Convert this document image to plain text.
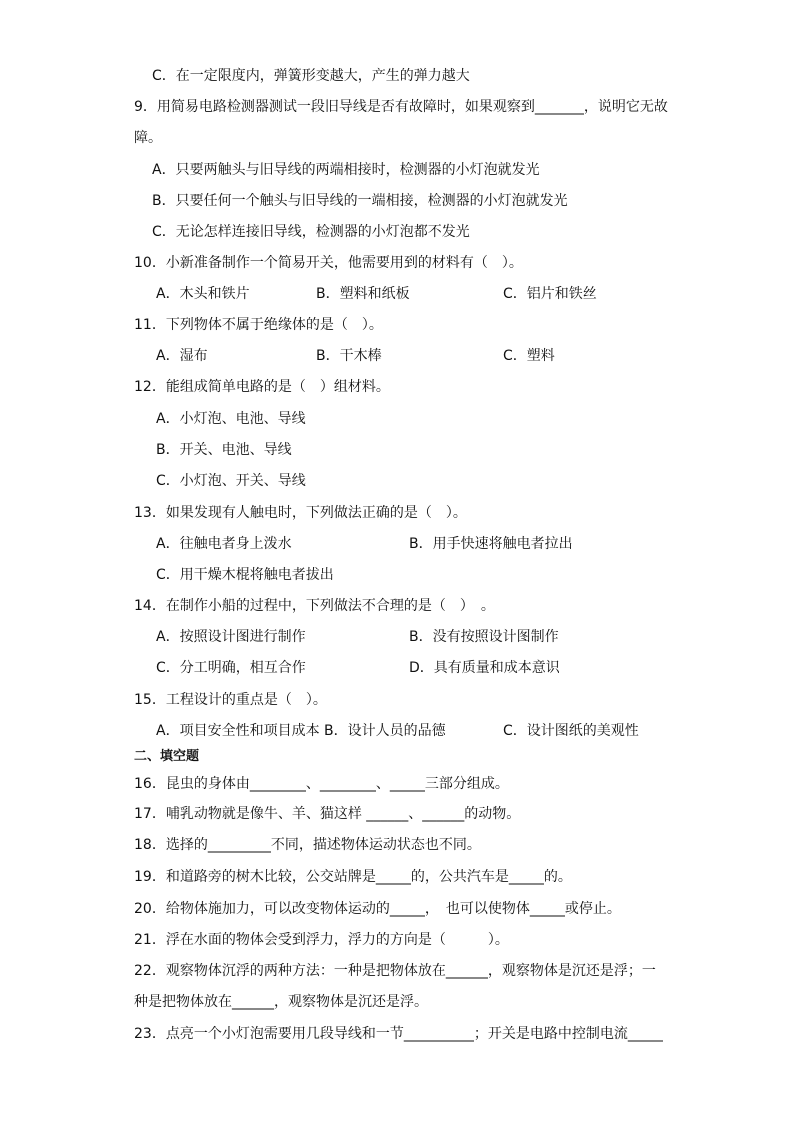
C．在一定限度内，弹簧形变越大，产生的弹力越大
9．用简易电路检测器测试一段旧导线是否有故障时，如果观察到_______，说明它无故
障。
A．只要两触头与旧导线的两端相接时，检测器的小灯泡就发光
B．只要任何一个触头与旧导线的一端相接，检测器的小灯泡就发光
C．无论怎样连接旧导线，检测器的小灯泡都不发光
10．小新准备制作一个简易开关，他需要用到的材料有（　）。
A．木头和铁片	B．塑料和纸板	C．铝片和铁丝
11．下列物体不属于绝缘体的是（　）。
A．湿布	B．干木棒	C．塑料
12．能组成简单电路的是（　）组材料。
A．小灯泡、电池、导线
B．开关、电池、导线
C．小灯泡、开关、导线
13．如果发现有人触电时，下列做法正确的是（　）。
A．往触电者身上泼水	B．用手快速将触电者拉出
C．用干燥木棍将触电者拔出
14．在制作小船的过程中，下列做法不合理的是（　）　。
A．按照设计图进行制作	B．没有按照设计图制作
C．分工明确，相互合作	D．具有质量和成本意识
15．工程设计的重点是（　）。
A．项目安全性和项目成本 B．设计人员的品德	C．设计图纸的美观性
二、填空题
16．昆虫的身体由________、________、_____三部分组成。
17．哺乳动物就是像牛、羊、猫这样 ______、______的动物。
18．选择的_________不同，描述物体运动状态也不同。
19．和道路旁的树木比较，公交站牌是_____的，公共汽车是_____的。
20．给物体施加力，可以改变物体运动的_____，　也可以使物体_____或停止。
21．浮在水面的物体会受到浮力，浮力的方向是（　　　）。
22．观察物体沉浮的两种方法：一种是把物体放在______，观察物体是沉还是浮；一
种是把物体放在______，观察物体是沉还是浮。
23．点亮一个小灯泡需要用几段导线和一节__________；开关是电路中控制电流_____
